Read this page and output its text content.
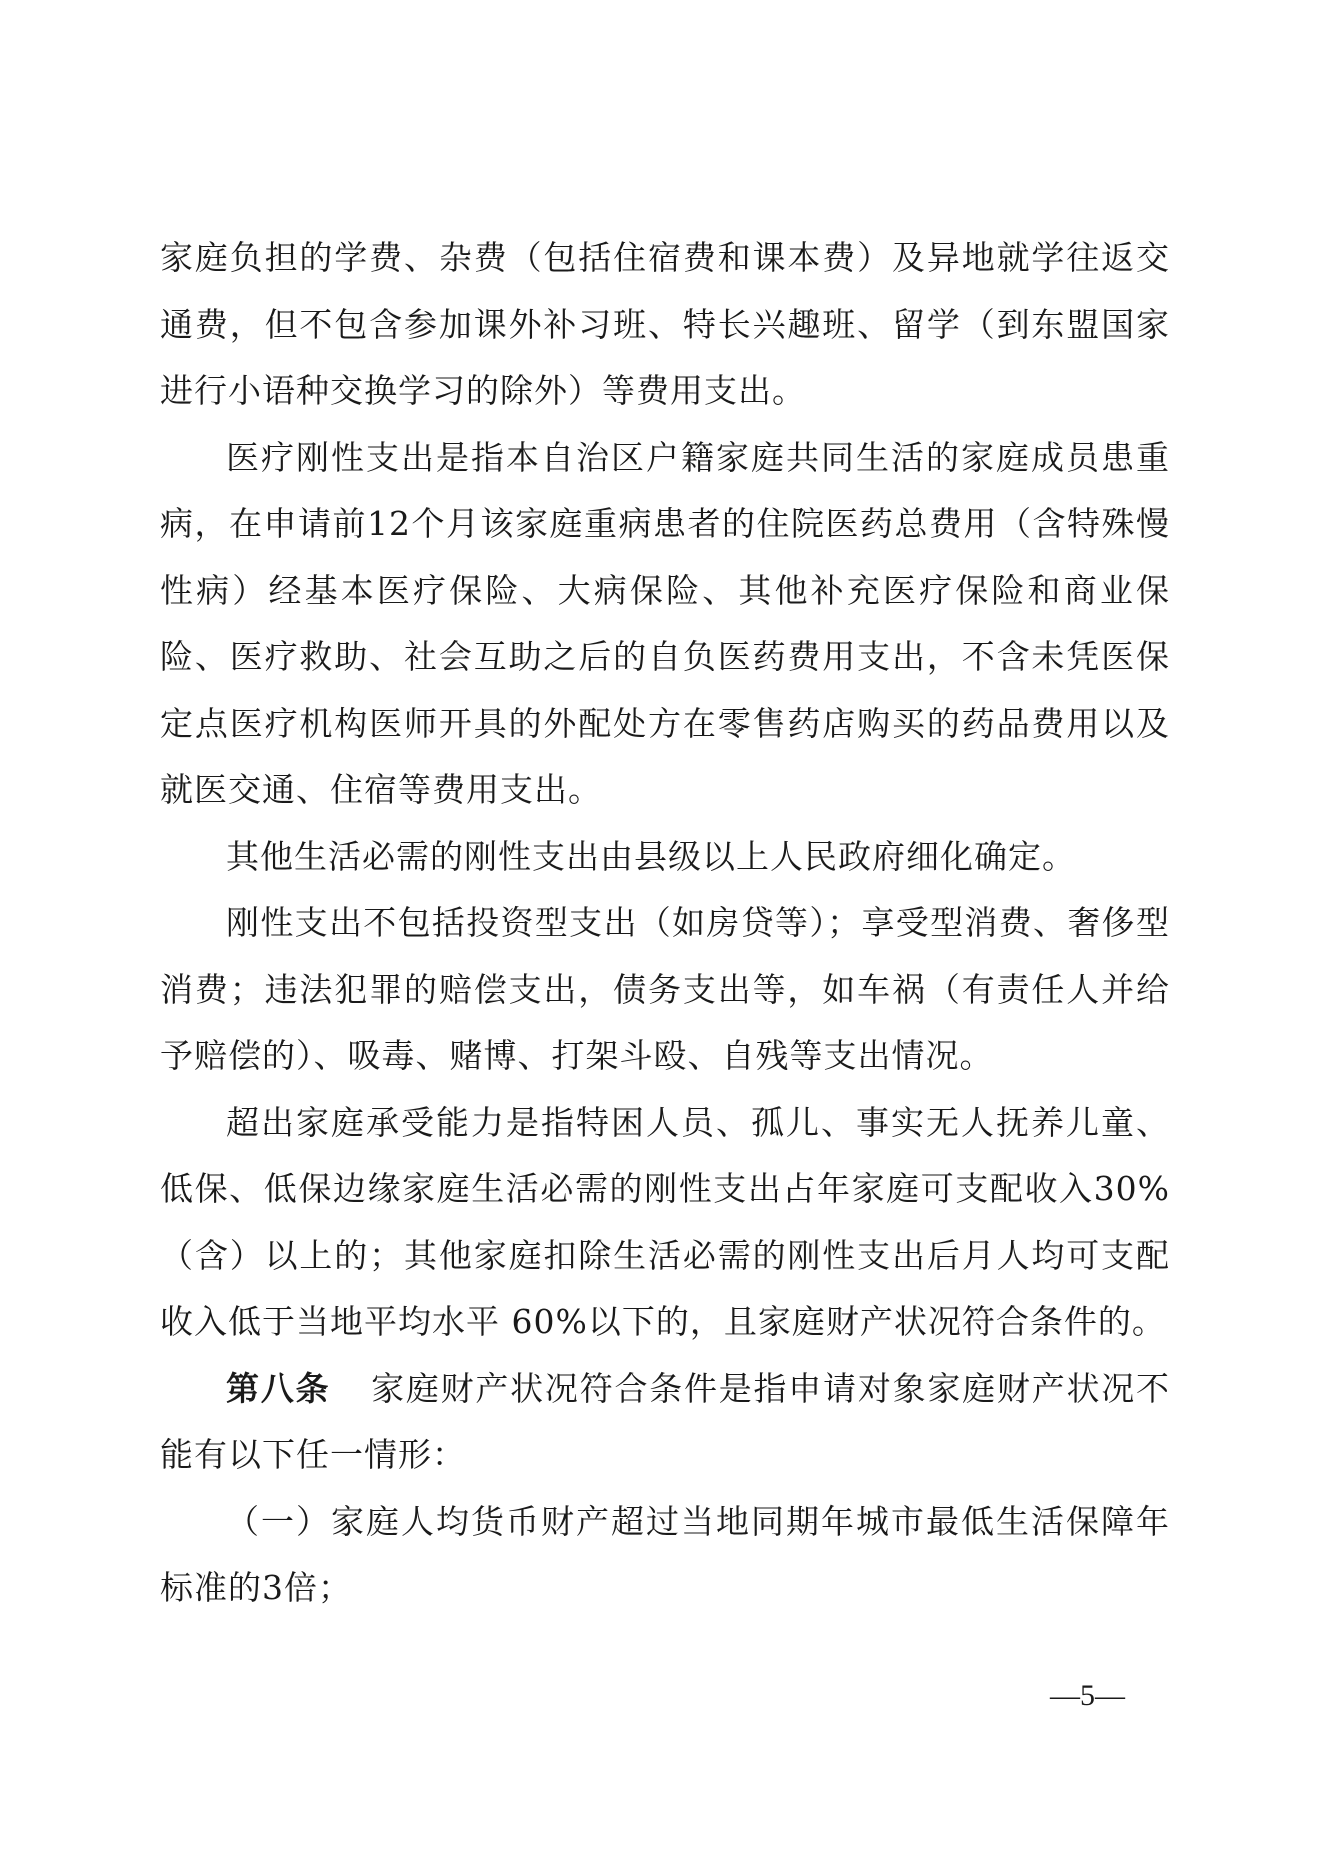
家庭负担的学费、杂费（包括住宿费和课本费）及异地就学往返交通费，但不包含参加课外补习班、特长兴趣班、留学（到东盟国家进行小语种交换学习的除外）等费用支出。

医疗刚性支出是指本自治区户籍家庭共同生活的家庭成员患重病，在申请前12个月该家庭重病患者的住院医药总费用（含特殊慢性病）经基本医疗保险、大病保险、其他补充医疗保险和商业保险、医疗救助、社会互助之后的自负医药费用支出，不含未凭医保定点医疗机构医师开具的外配处方在零售药店购买的药品费用以及就医交通、住宿等费用支出。

其他生活必需的刚性支出由县级以上人民政府细化确定。

刚性支出不包括投资型支出（如房贷等）；享受型消费、奢侈型消费；违法犯罪的赔偿支出，债务支出等，如车祸（有责任人并给予赔偿的）、吸毒、赌博、打架斗殴、自残等支出情况。

超出家庭承受能力是指特困人员、孤儿、事实无人抚养儿童、低保、低保边缘家庭生活必需的刚性支出占年家庭可支配收入30%（含）以上的；其他家庭扣除生活必需的刚性支出后月人均可支配收入低于当地平均水平 60%以下的，且家庭财产状况符合条件的。

第八条 家庭财产状况符合条件是指申请对象家庭财产状况不能有以下任一情形：

（一）家庭人均货币财产超过当地同期年城市最低生活保障年标准的3倍；

—5—
